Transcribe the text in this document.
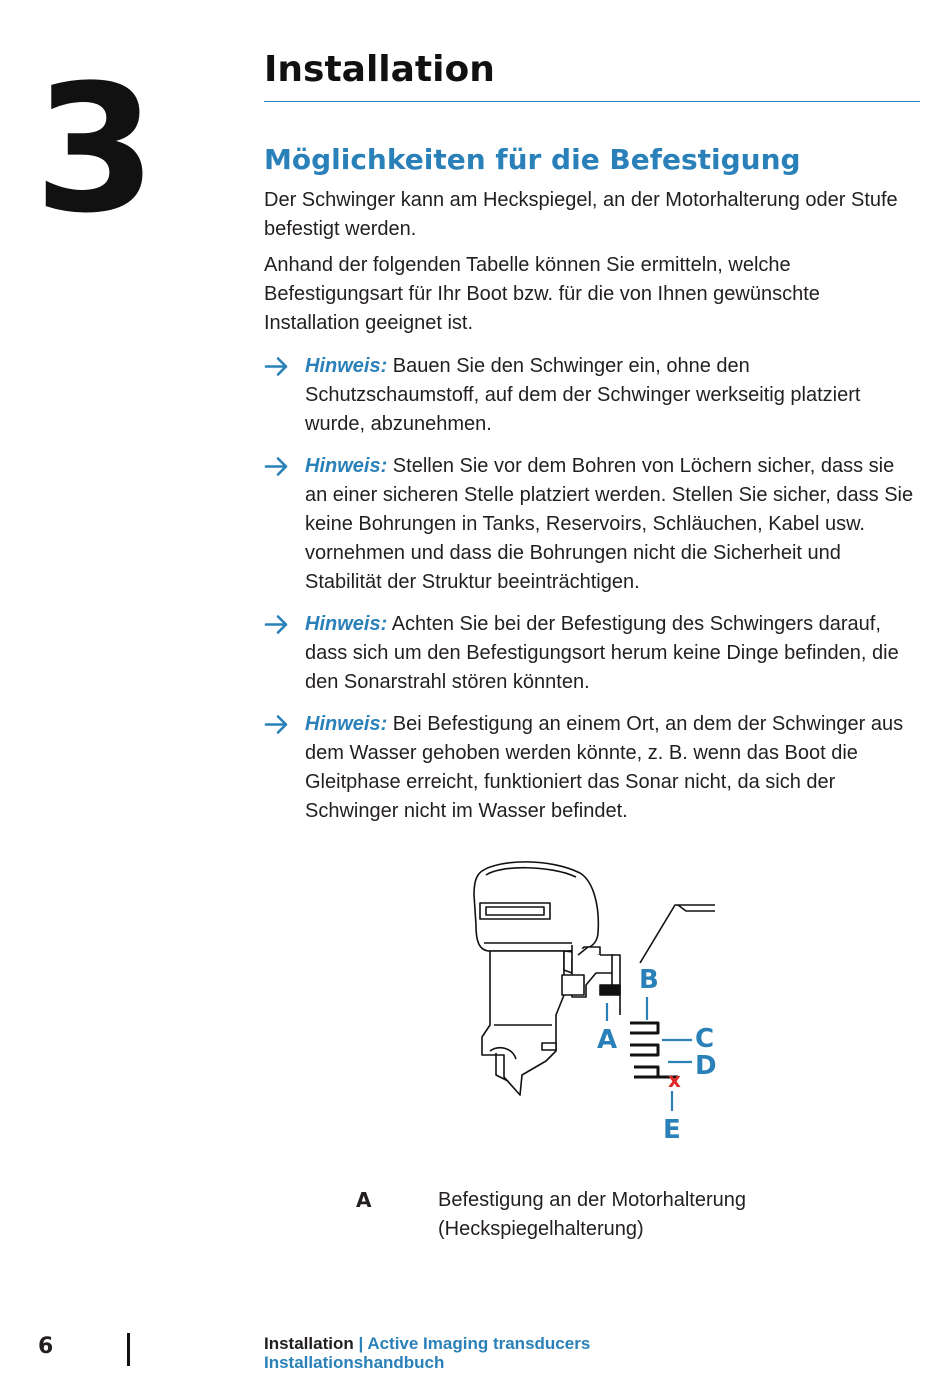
3	Installation
Möglichkeiten für die Befestigung

Der Schwinger kann am Heckspiegel, an der Motorhalterung oder Stufe befestigt werden.

Anhand der folgenden Tabelle können Sie ermitteln, welche Befestigungsart für Ihr Boot bzw. für die von Ihnen gewünschte Installation geeignet ist.

Hinweis: Bauen Sie den Schwinger ein, ohne den Schutzschaumstoff, auf dem der Schwinger werkseitig platziert wurde, abzunehmen.

Hinweis: Stellen Sie vor dem Bohren von Löchern sicher, dass sie an einer sicheren Stelle platziert werden. Stellen Sie sicher, dass Sie keine Bohrungen in Tanks, Reservoirs, Schläuchen, Kabel usw. vornehmen und dass die Bohrungen nicht die Sicherheit und Stabilität der Struktur beeinträchtigen.

Hinweis: Achten Sie bei der Befestigung des Schwingers darauf, dass sich um den Befestigungsort herum keine Dinge befinden, die den Sonarstrahl stören könnten.

Hinweis: Bei Befestigung an einem Ort, an dem der Schwinger aus dem Wasser gehoben werden könnte, z. B. wenn das Boot die Gleitphase erreicht, funktioniert das Sonar nicht, da sich der Schwinger nicht im Wasser befindet.

A
B
C
D
E
x
A	Befestigung an der Motorhalterung (Heckspiegelhalterung)
6	Installation | Active Imaging transducers
Installationshandbuch
